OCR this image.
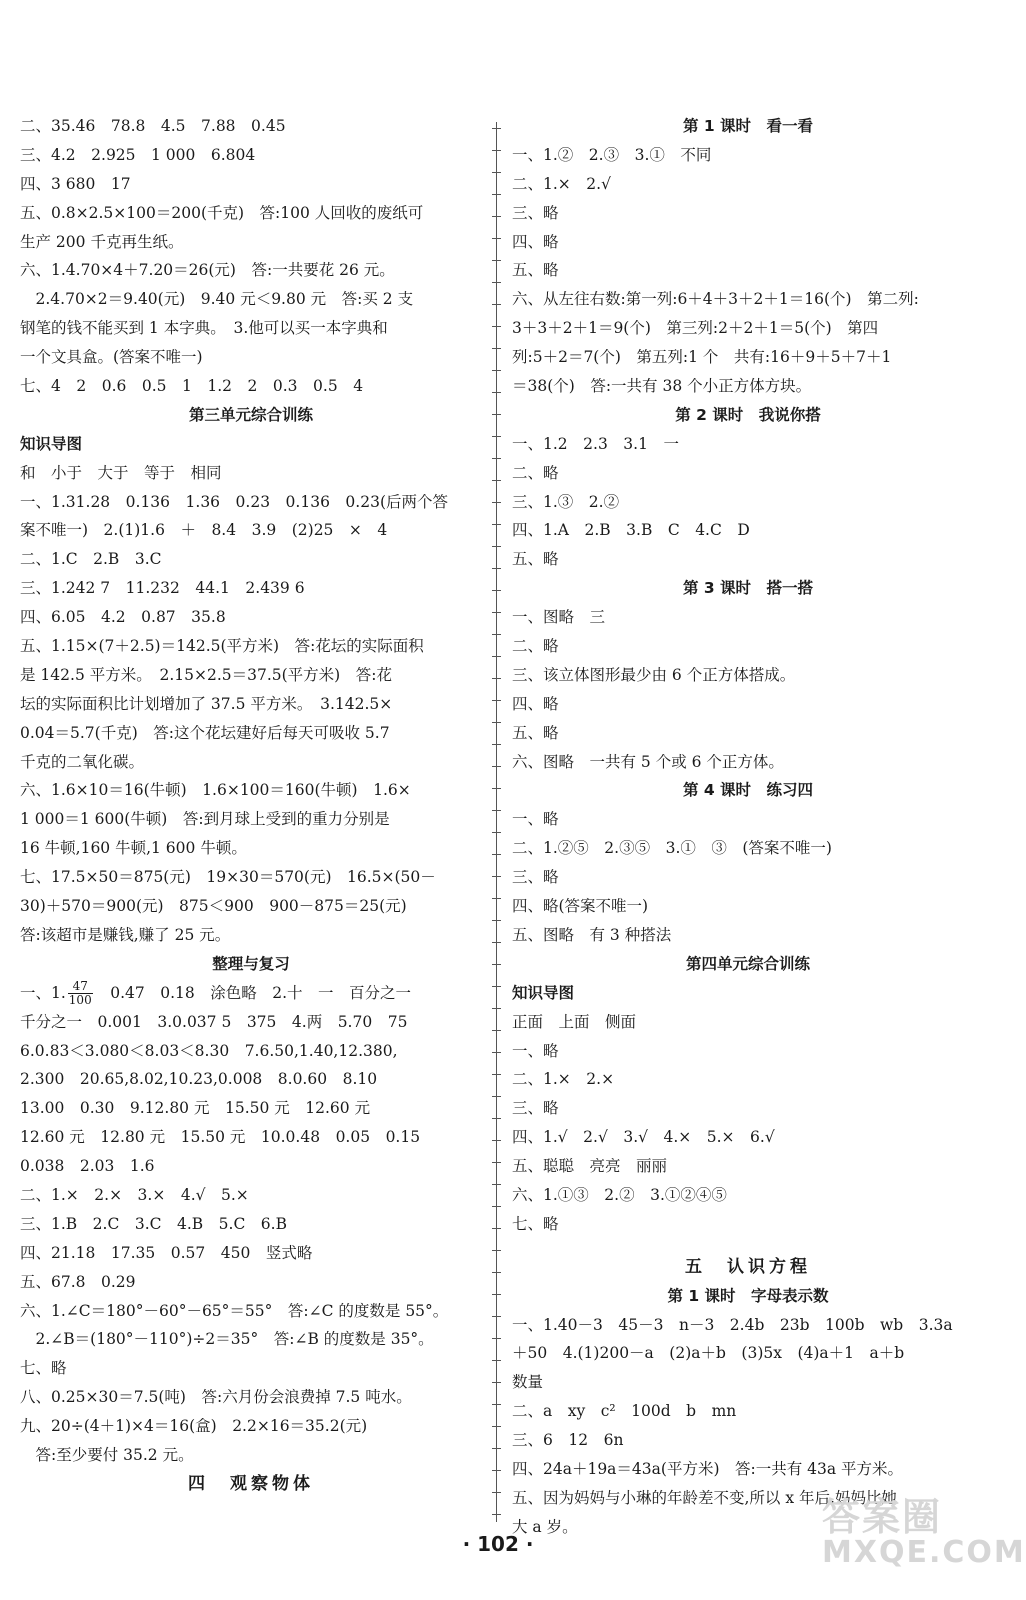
二、35.46　78.8　4.5　7.88　0.45
三、4.2　2.925　1 000　6.804
四、3 680　17
五、0.8×2.5×100＝200(千克)　答:100 人回收的废纸可
生产 200 千克再生纸。
六、1.4.70×4＋7.20＝26(元)　答:一共要花 26 元。
　2.4.70×2＝9.40(元)　9.40 元＜9.80 元　答:买 2 支
钢笔的钱不能买到 1 本字典。　3.他可以买一本字典和
一个文具盒。(答案不唯一)
七、4　2　0.6　0.5　1　1.2　2　0.3　0.5　4
第三单元综合训练
知识导图
和　小于　大于　等于　相同
一、1.31.28　0.136　1.36　0.23　0.136　0.23(后两个答
案不唯一)　2.(1)1.6　＋　8.4　3.9　(2)25　×　4
二、1.C　2.B　3.C
三、1.242 7　11.232　44.1　2.439 6
四、6.05　4.2　0.87　35.8
五、1.15×(7＋2.5)＝142.5(平方米)　答:花坛的实际面积
是 142.5 平方米。　2.15×2.5＝37.5(平方米)　答:花
坛的实际面积比计划增加了 37.5 平方米。　3.142.5×
0.04＝5.7(千克)　答:这个花坛建好后每天可吸收 5.7
千克的二氧化碳。
六、1.6×10＝16(牛顿)　1.6×100＝160(牛顿)　1.6×
1 000＝1 600(牛顿)　答:到月球上受到的重力分别是
16 牛顿,160 牛顿,1 600 牛顿。
七、17.5×50＝875(元)　19×30＝570(元)　16.5×(50－
30)＋570＝900(元)　875＜900　900－875＝25(元)
答:该超市是赚钱,赚了 25 元。
整理与复习
一、1. $\frac{47}{100}$ 　0.47　0.18　涂色略　2.十　一　百分之一
千分之一　0.001　3.0.037 5　375　4.两　5.70　75
6.0.83＜3.080＜8.03＜8.30　7.6.50,1.40,12.380,
2.300　20.65,8.02,10.23,0.008　8.0.60　8.10
13.00　0.30　9.12.80 元　15.50 元　12.60 元
12.60 元　12.80 元　15.50 元　10.0.48　0.05　0.15
0.038　2.03　1.6
二、1.×　2.×　3.×　4.√　5.×
三、1.B　2.C　3.C　4.B　5.C　6.B
四、21.18　17.35　0.57　450　竖式略
五、67.8　0.29
六、1.∠C＝180°－60°－65°＝55°　答:∠C 的度数是 55°。
　2.∠B＝(180°－110°)÷2＝35°　答:∠B 的度数是 35°。
七、略
八、0.25×30＝7.5(吨)　答:六月份会浪费掉 7.5 吨水。
九、20÷(4＋1)×4＝16(盒)　2.2×16＝35.2(元)
　答:至少要付 35.2 元。
四　观察物体
第 1 课时　看一看
一、1.②　2.③　3.①　不同
二、1.×　2.√
三、略
四、略
五、略
六、从左往右数:第一列:6＋4＋3＋2＋1＝16(个)　第二列:
3＋3＋2＋1＝9(个)　第三列:2＋2＋1＝5(个)　第四
列:5＋2＝7(个)　第五列:1 个　共有:16＋9＋5＋7＋1
＝38(个)　答:一共有 38 个小正方体方块。
第 2 课时　我说你搭
一、1.2　2.3　3.1　一
二、略
三、1.③　2.②
四、1.A　2.B　3.B　C　4.C　D
五、略
第 3 课时　搭一搭
一、图略　三
二、略
三、该立体图形最少由 6 个正方体搭成。
四、略
五、略
六、图略　一共有 5 个或 6 个正方体。
第 4 课时　练习四
一、略
二、1.②⑤　2.③⑤　3.①　③　(答案不唯一)
三、略
四、略(答案不唯一)
五、图略　有 3 种搭法
第四单元综合训练
知识导图
正面　上面　侧面
一、略
二、1.×　2.×
三、略
四、1.√　2.√　3.√　4.×　5.×　6.√
五、聪聪　亮亮　丽丽
六、1.①③　2.②　3.①②④⑤
七、略
五　认识方程
第 1 课时　字母表示数
一、1.40－3　45－3　n－3　2.4b　23b　100b　wb　3.3a
＋50　4.(1)200－a　(2)a＋b　(3)5x　(4)a＋1　a＋b
数量
二、a　xy　c²　100d　b　mn
三、6　12　6n
四、24a＋19a＝43a(平方米)　答:一共有 43a 平方米。
五、因为妈妈与小琳的年龄差不变,所以 x 年后,妈妈比她
大 a 岁。
· 102 ·
答案圈
MXQE.COM
